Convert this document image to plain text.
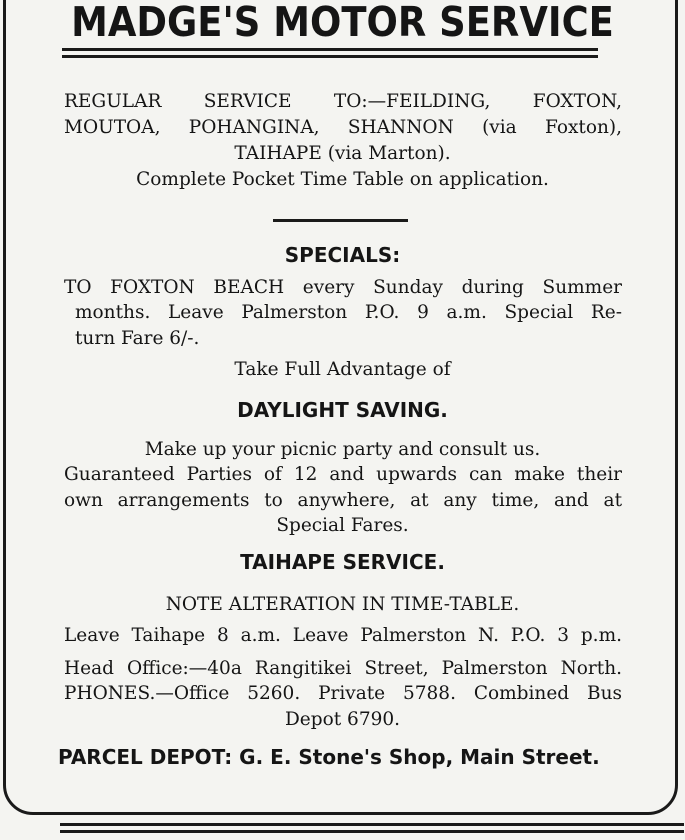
MADGE'S MOTOR SERVICE
REGULAR SERVICE TO:—FEILDING, FOXTON,
MOUTOA, POHANGINA, SHANNON (via Foxton),
TAIHAPE (via Marton).
Complete Pocket Time Table on application.
SPECIALS:
TO FOXTON BEACH every Sunday during Summer
months. Leave Palmerston P.O. 9 a.m. Special Re-
turn Fare 6/-.
Take Full Advantage of
DAYLIGHT SAVING.
Make up your picnic party and consult us.
Guaranteed Parties of 12 and upwards can make their
own arrangements to anywhere, at any time, and at
Special Fares.
TAIHAPE SERVICE.
NOTE ALTERATION IN TIME-TABLE.
Leave Taihape 8 a.m. Leave Palmerston N. P.O. 3 p.m.
Head Office:—40a Rangitikei Street, Palmerston North.
PHONES.—Office 5260. Private 5788. Combined Bus
Depot 6790.
PARCEL DEPOT: G. E. Stone's Shop, Main Street.
